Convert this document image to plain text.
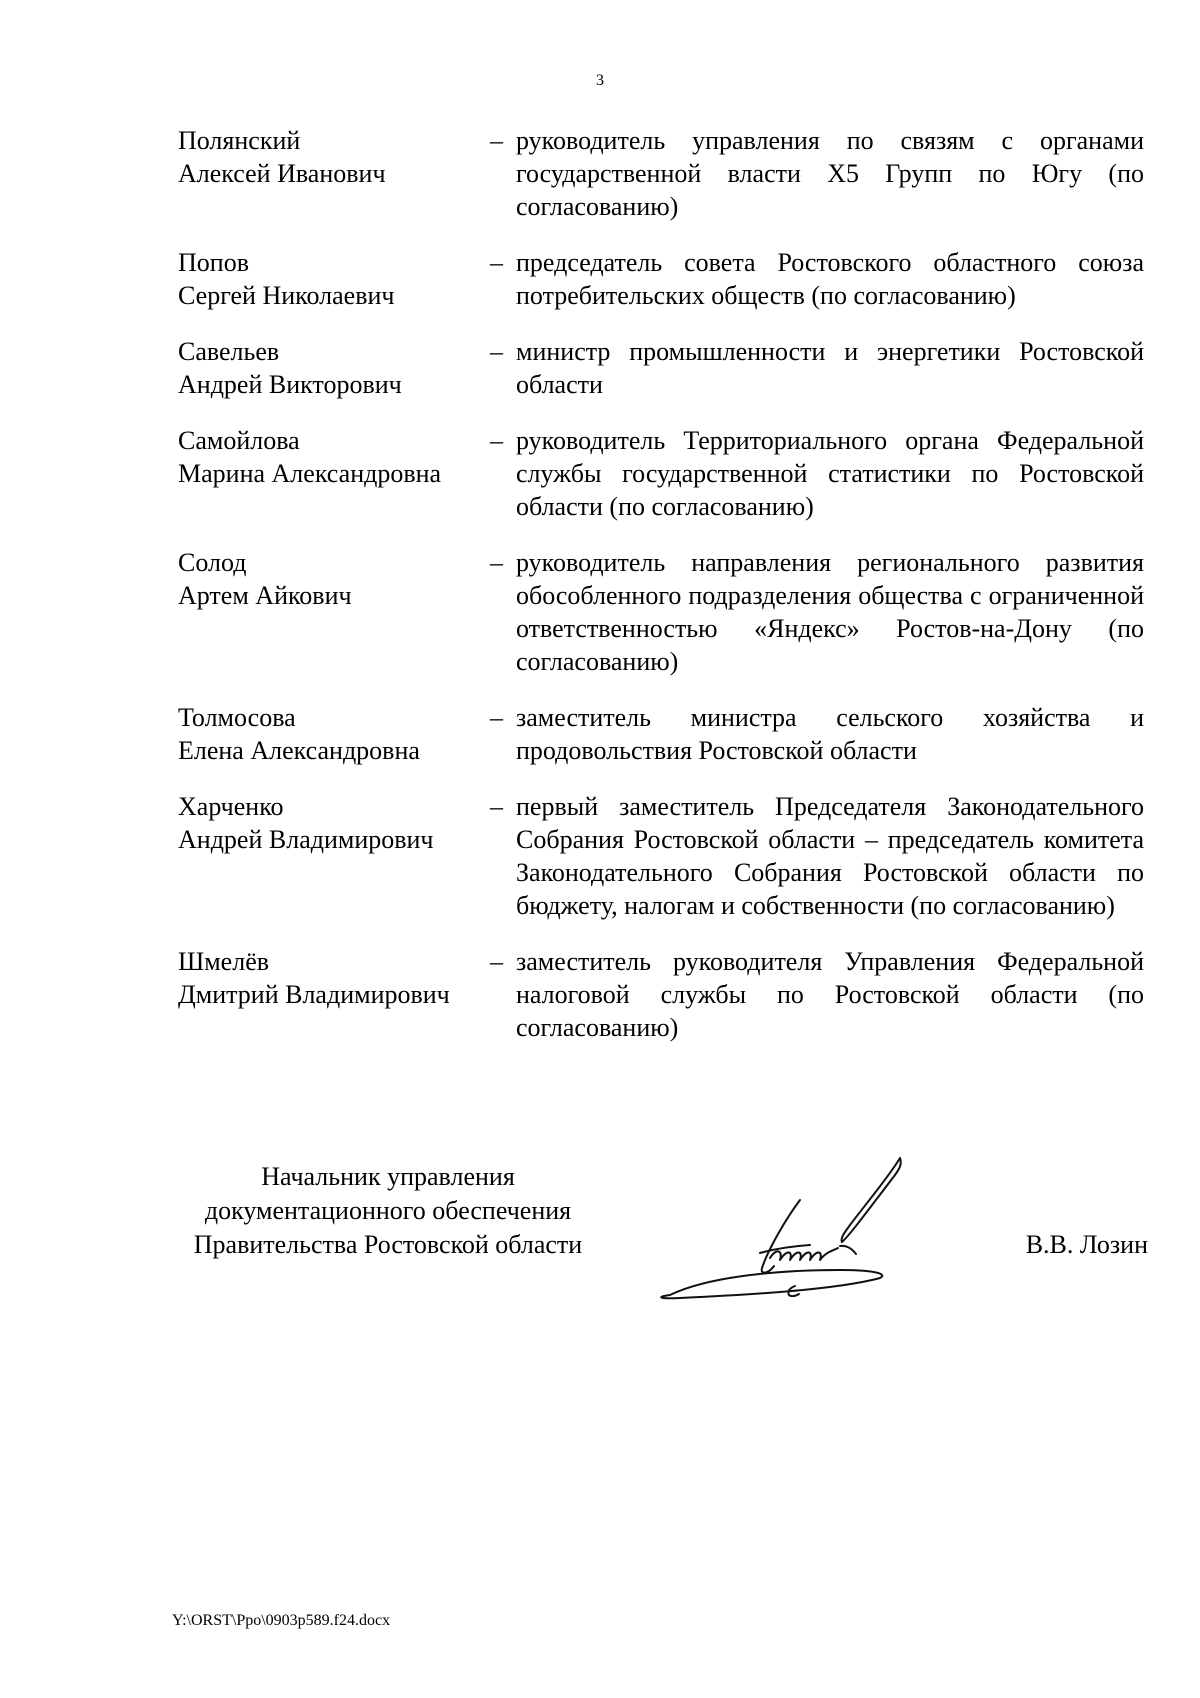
3
Полянский
Алексей Иванович
– руководитель управления по связям с органами государственной власти Х5 Групп по Югу (по согласованию)
Попов
Сергей Николаевич
– председатель совета Ростовского областного союза потребительских обществ (по согласованию)
Савельев
Андрей Викторович
– министр промышленности и энергетики Ростовской области
Самойлова
Марина Александровна
– руководитель Территориального органа Федеральной службы государственной статистики по Ростовской области (по согласованию)
Солод
Артем Айкович
– руководитель направления регионального развития обособленного подразделения общества с ограниченной ответственностью «Яндекс» Ростов-на-Дону (по согласованию)
Толмосова
Елена Александровна
– заместитель министра сельского хозяйства и продовольствия Ростовской области
Харченко
Андрей Владимирович
– первый заместитель Председателя Законодательного Собрания Ростовской области – председатель комитета Законодательного Собрания Ростовской области по бюджету, налогам и собственности (по согласованию)
Шмелёв
Дмитрий Владимирович
– заместитель руководителя Управления Федеральной налоговой службы по Ростовской области (по согласованию)
Начальник управления
документационного обеспечения
Правительства Ростовской области	В.В. Лозин
Y:\ORST\Ppo\0903p589.f24.docx
